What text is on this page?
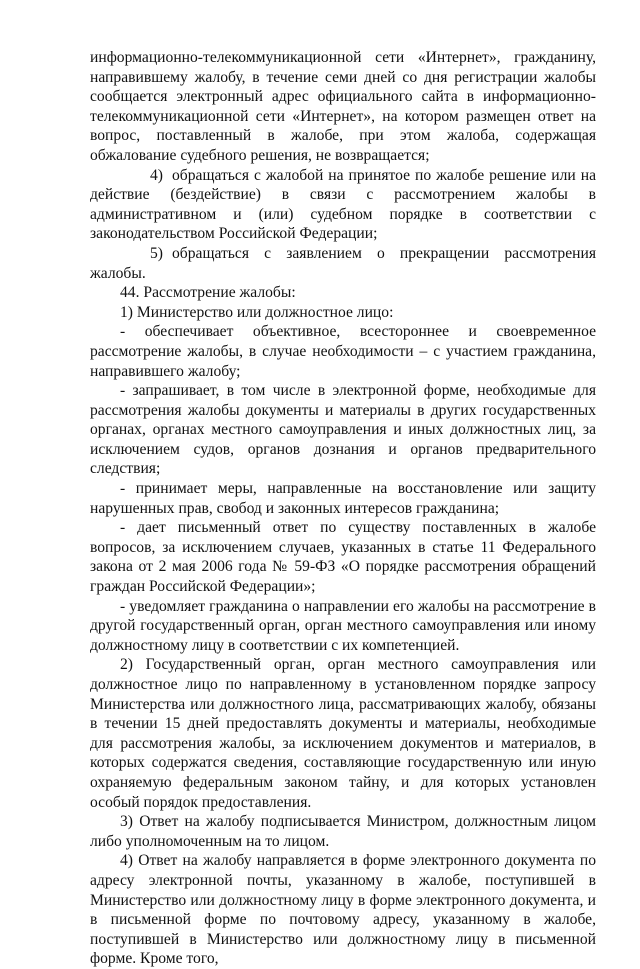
информационно-телекоммуникационной сети «Интернет», гражданину, направившему жалобу, в течение семи дней со дня регистрации жалобы сообщается электронный адрес официального сайта в информационно-телекоммуникационной сети «Интернет», на котором размещен ответ на вопрос, поставленный в жалобе, при этом жалоба, содержащая обжалование судебного решения, не возвращается;

4) обращаться с жалобой на принятое по жалобе решение или на действие (бездействие) в связи с рассмотрением жалобы в административном и (или) судебном порядке в соответствии с законодательством Российской Федерации;

5) обращаться с заявлением о прекращении рассмотрения жалобы.

44. Рассмотрение жалобы:

1) Министерство или должностное лицо:

- обеспечивает объективное, всестороннее и своевременное рассмотрение жалобы, в случае необходимости – с участием гражданина, направившего жалобу;

- запрашивает, в том числе в электронной форме, необходимые для рассмотрения жалобы документы и материалы в других государственных органах, органах местного самоуправления и иных должностных лиц, за исключением судов, органов дознания и органов предварительного следствия;

- принимает меры, направленные на восстановление или защиту нарушенных прав, свобод и законных интересов гражданина;

- дает письменный ответ по существу поставленных в жалобе вопросов, за исключением случаев, указанных в статье 11 Федерального закона от 2 мая 2006 года № 59-ФЗ «О порядке рассмотрения обращений граждан Российской Федерации»;

- уведомляет гражданина о направлении его жалобы на рассмотрение в другой государственный орган, орган местного самоуправления или иному должностному лицу в соответствии с их компетенцией.

2) Государственный орган, орган местного самоуправления или должностное лицо по направленному в установленном порядке запросу Министерства или должностного лица, рассматривающих жалобу, обязаны в течении 15 дней предоставлять документы и материалы, необходимые для рассмотрения жалобы, за исключением документов и материалов, в которых содержатся сведения, составляющие государственную или иную охраняемую федеральным законом тайну, и для которых установлен особый порядок предоставления.

3) Ответ на жалобу подписывается Министром, должностным лицом либо уполномоченным на то лицом.

4) Ответ на жалобу направляется в форме электронного документа по адресу электронной почты, указанному в жалобе, поступившей в Министерство или должностному лицу в форме электронного документа, и в письменной форме по почтовому адресу, указанному в жалобе, поступившей в Министерство или должностному лицу в письменной форме. Кроме того,
